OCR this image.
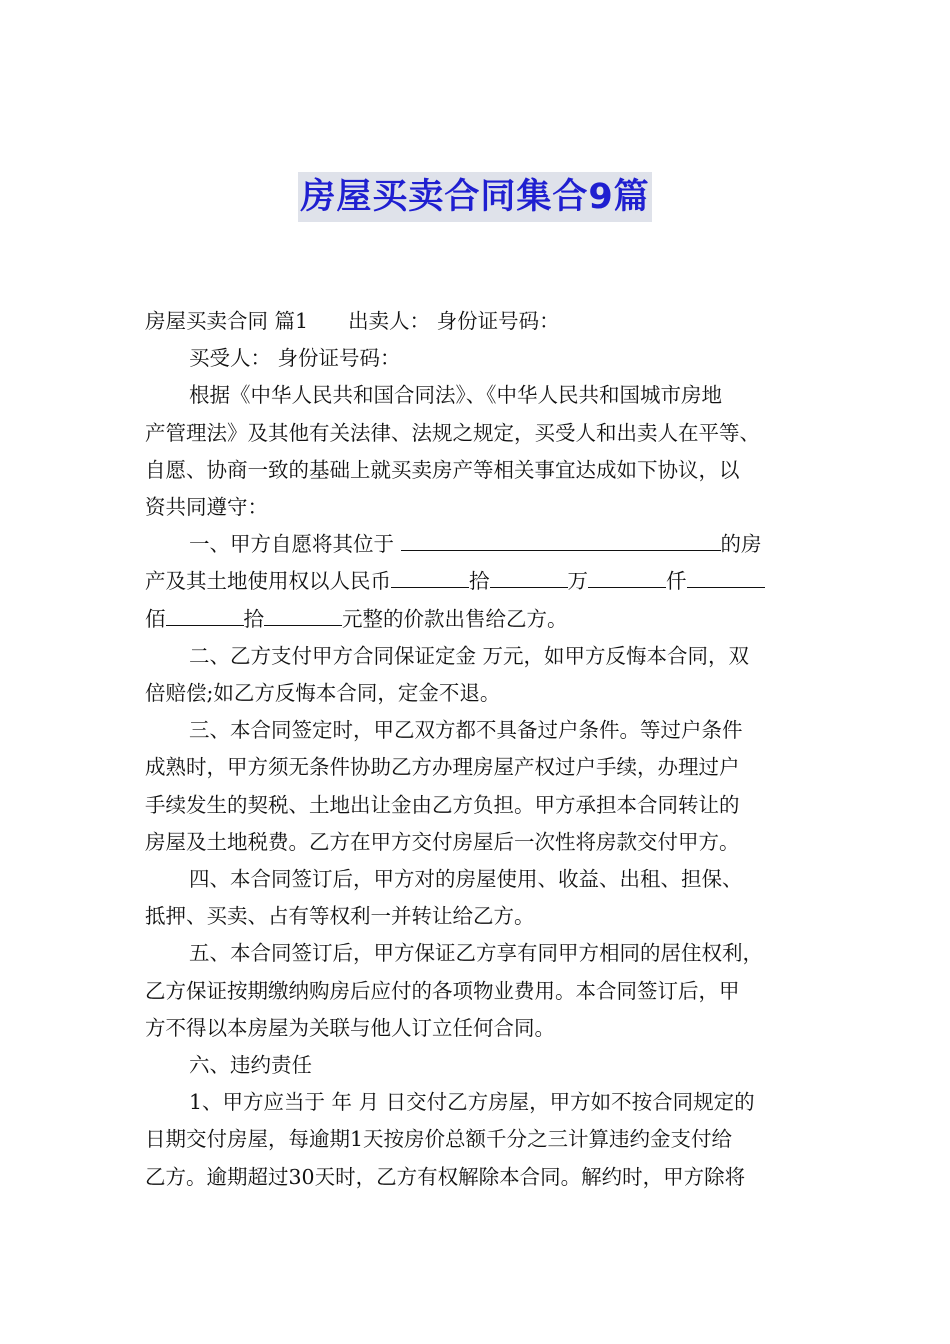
房屋买卖合同集合9篇

房屋买卖合同 篇1 出卖人： 身份证号码：

买受人： 身份证号码：

根据《中华人民共和国合同法》、《中华人民共和国城市房地

产管理法》及其他有关法律、法规之规定，买受人和出卖人在平等、

自愿、协商一致的基础上就买卖房产等相关事宜达成如下协议，以

资共同遵守：

一、甲方自愿将其位于	的房

产及其土地使用权以人民币	拾	万	仟

佰	拾	元整的价款出售给乙方。

二、乙方支付甲方合同保证定金 万元，如甲方反悔本合同，双

倍赔偿;如乙方反悔本合同，定金不退。

三、本合同签定时，甲乙双方都不具备过户条件。等过户条件

成熟时，甲方须无条件协助乙方办理房屋产权过户手续，办理过户

手续发生的契税、土地出让金由乙方负担。甲方承担本合同转让的

房屋及土地税费。乙方在甲方交付房屋后一次性将房款交付甲方。

四、本合同签订后，甲方对的房屋使用、收益、出租、担保、

抵押、买卖、占有等权利一并转让给乙方。

五、本合同签订后，甲方保证乙方享有同甲方相同的居住权利，

乙方保证按期缴纳购房后应付的各项物业费用。本合同签订后，甲

方不得以本房屋为关联与他人订立任何合同。

六、违约责任

1、甲方应当于 年 月 日交付乙方房屋，甲方如不按合同规定的

日期交付房屋，每逾期1天按房价总额千分之三计算违约金支付给

乙方。逾期超过30天时，乙方有权解除本合同。解约时，甲方除将
